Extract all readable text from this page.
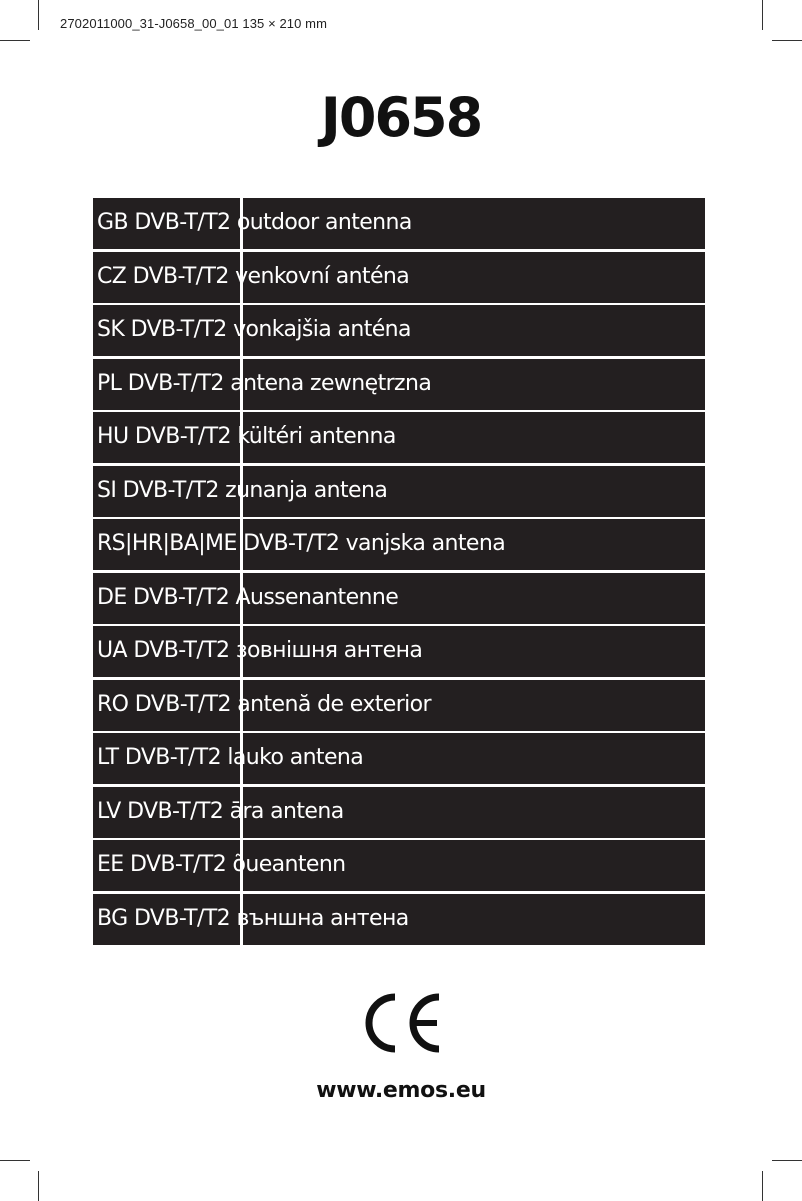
2702011000_31-J0658_00_01 135 × 210 mm
J0658
GB DVB-T/T2 outdoor antenna
CZ DVB-T/T2 venkovní anténa
SK DVB-T/T2 vonkajšia anténa
PL DVB-T/T2 antena zewnętrzna
HU DVB-T/T2 kültéri antenna
SI DVB-T/T2 zunanja antena
RS|HR|BA|ME DVB-T/T2 vanjska antena
DE DVB-T/T2 Aussenantenne
UA DVB-T/T2 зовнішня антена
RO DVB-T/T2 antenă de exterior
LT DVB-T/T2 lauko antena
LV DVB-T/T2 āra antena
EE DVB-T/T2 õueantenn
BG DVB-T/T2 външна антена
www.emos.eu
